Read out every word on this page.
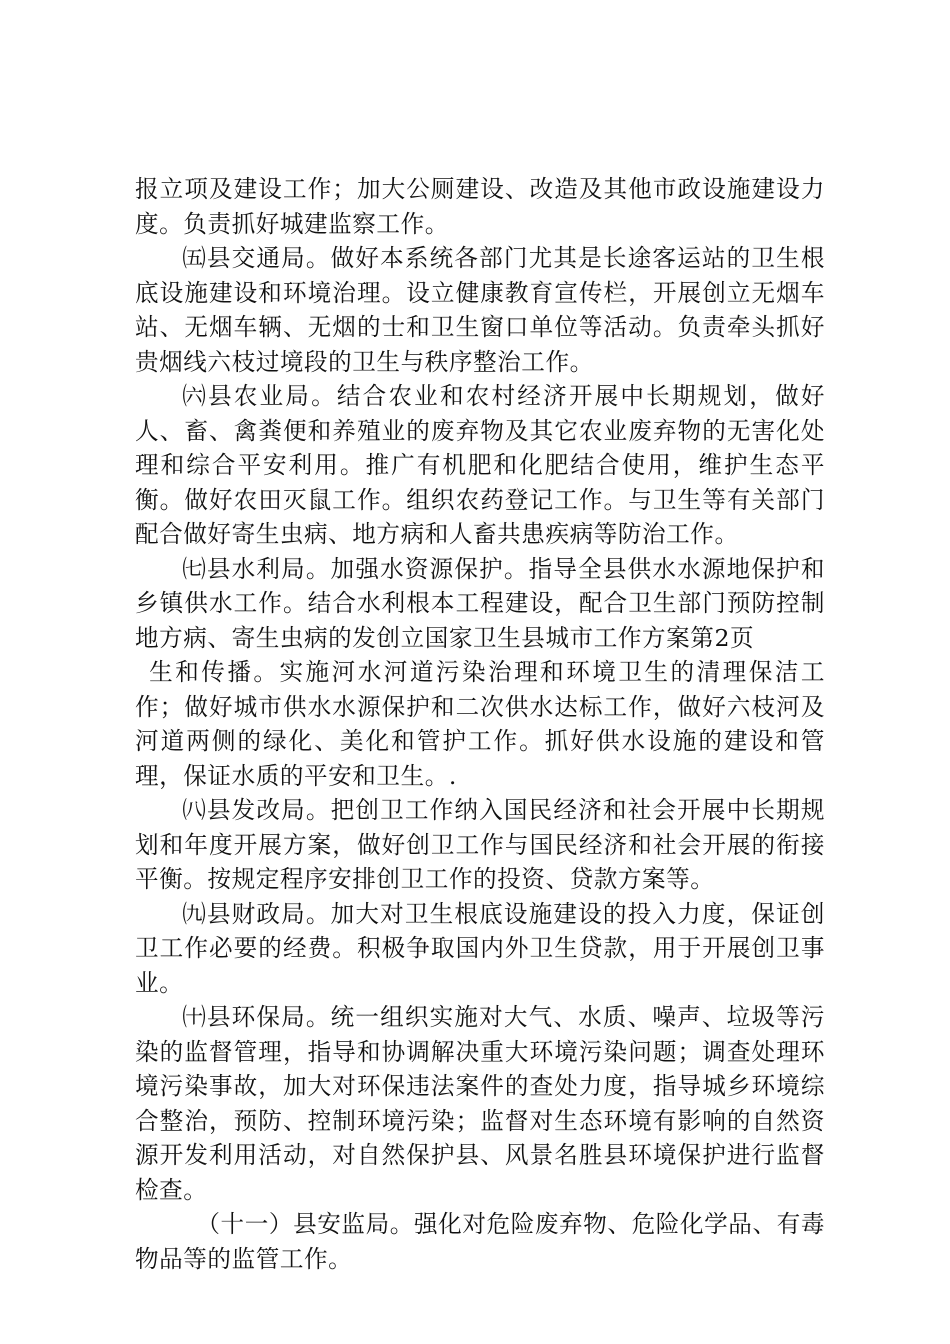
报立项及建设工作；加大公厕建设、改造及其他市政设施建设力度。负责抓好城建监察工作。

㈤县交通局。做好本系统各部门尤其是长途客运站的卫生根底设施建设和环境治理。设立健康教育宣传栏，开展创立无烟车站、无烟车辆、无烟的士和卫生窗口单位等活动。负责牵头抓好贵烟线六枝过境段的卫生与秩序整治工作。

㈥县农业局。结合农业和农村经济开展中长期规划，做好人、畜、禽粪便和养殖业的废弃物及其它农业废弃物的无害化处理和综合平安利用。推广有机肥和化肥结合使用，维护生态平衡。做好农田灭鼠工作。组织农药登记工作。与卫生等有关部门配合做好寄生虫病、地方病和人畜共患疾病等防治工作。

㈦县水利局。加强水资源保护。指导全县供水水源地保护和乡镇供水工作。结合水利根本工程建设，配合卫生部门预防控制地方病、寄生虫病的发创立国家卫生县城市工作方案第2页

生和传播。实施河水河道污染治理和环境卫生的清理保洁工作；做好城市供水水源保护和二次供水达标工作，做好六枝河及河道两侧的绿化、美化和管护工作。抓好供水设施的建设和管理，保证水质的平安和卫生。.

㈧县发改局。把创卫工作纳入国民经济和社会开展中长期规划和年度开展方案，做好创卫工作与国民经济和社会开展的衔接平衡。按规定程序安排创卫工作的投资、贷款方案等。

㈨县财政局。加大对卫生根底设施建设的投入力度，保证创卫工作必要的经费。积极争取国内外卫生贷款，用于开展创卫事业。

㈩县环保局。统一组织实施对大气、水质、噪声、垃圾等污染的监督管理，指导和协调解决重大环境污染问题；调查处理环境污染事故，加大对环保违法案件的查处力度，指导城乡环境综合整治，预防、控制环境污染；监督对生态环境有影响的自然资源开发利用活动，对自然保护县、风景名胜县环境保护进行监督检查。

（十一）县安监局。强化对危险废弃物、危险化学品、有毒物品等的监管工作。
